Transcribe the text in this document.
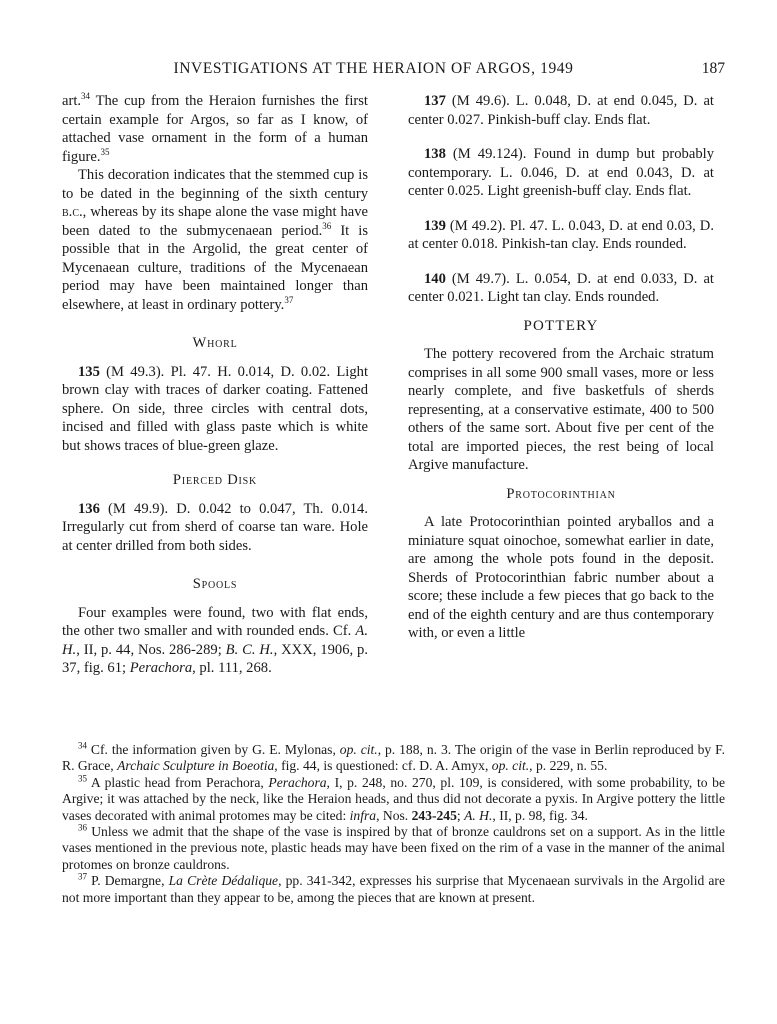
INVESTIGATIONS AT THE HERAION OF ARGOS, 1949	187

art.$^{34}$ The cup from the Heraion furnishes the first certain example for Argos, so far as I know, of attached vase ornament in the form of a human figure.$^{35}$

This decoration indicates that the stemmed cup is to be dated in the beginning of the sixth century b.c., whereas by its shape alone the vase might have been dated to the submycenaean period.$^{36}$ It is possible that in the Argolid, the great center of Mycenaean culture, traditions of the Mycenaean period may have been maintained longer than elsewhere, at least in ordinary pottery.$^{37}$

Whorl

135 (M 49.3). Pl. 47. H. 0.014, D. 0.02. Light brown clay with traces of darker coating. Fattened sphere. On side, three circles with central dots, incised and filled with glass paste which is white but shows traces of blue-green glaze.

Pierced Disk

136 (M 49.9). D. 0.042 to 0.047, Th. 0.014. Irregularly cut from sherd of coarse tan ware. Hole at center drilled from both sides.

Spools

Four examples were found, two with flat ends, the other two smaller and with rounded ends. Cf. A. H., II, p. 44, Nos. 286-289; B. C. H., XXX, 1906, p. 37, fig. 61; Perachora, pl. 111, 268.

137 (M 49.6). L. 0.048, D. at end 0.045, D. at center 0.027. Pinkish-buff clay. Ends flat.

138 (M 49.124). Found in dump but probably contemporary. L. 0.046, D. at end 0.043, D. at center 0.025. Light greenish-buff clay. Ends flat.

139 (M 49.2). Pl. 47. L. 0.043, D. at end 0.03, D. at center 0.018. Pinkish-tan clay. Ends rounded.

140 (M 49.7). L. 0.054, D. at end 0.033, D. at center 0.021. Light tan clay. Ends rounded.

POTTERY

The pottery recovered from the Archaic stratum comprises in all some 900 small vases, more or less nearly complete, and five basketfuls of sherds representing, at a conservative estimate, 400 to 500 others of the same sort. About five per cent of the total are imported pieces, the rest being of local Argive manufacture.

Protocorinthian

A late Protocorinthian pointed aryballos and a miniature squat oinochoe, somewhat earlier in date, are among the whole pots found in the deposit. Sherds of Protocorinthian fabric number about a score; these include a few pieces that go back to the end of the eighth century and are thus contemporary with, or even a little

$^{34}$ Cf. the information given by G. E. Mylonas, op. cit., p. 188, n. 3. The origin of the vase in Berlin reproduced by F. R. Grace, Archaic Sculpture in Boeotia, fig. 44, is questioned: cf. D. A. Amyx, op. cit., p. 229, n. 55.

$^{35}$ A plastic head from Perachora, Perachora, I, p. 248, no. 270, pl. 109, is considered, with some probability, to be Argive; it was attached by the neck, like the Heraion heads, and thus did not decorate a pyxis. In Argive pottery the little vases decorated with animal protomes may be cited: infra, Nos. 243-245; A. H., II, p. 98, fig. 34.

$^{36}$ Unless we admit that the shape of the vase is inspired by that of bronze cauldrons set on a support. As in the little vases mentioned in the previous note, plastic heads may have been fixed on the rim of a vase in the manner of the animal protomes on bronze cauldrons.

$^{37}$ P. Demargne, La Crète Dédalique, pp. 341-342, expresses his surprise that Mycenaean survivals in the Argolid are not more important than they appear to be, among the pieces that are known at present.
